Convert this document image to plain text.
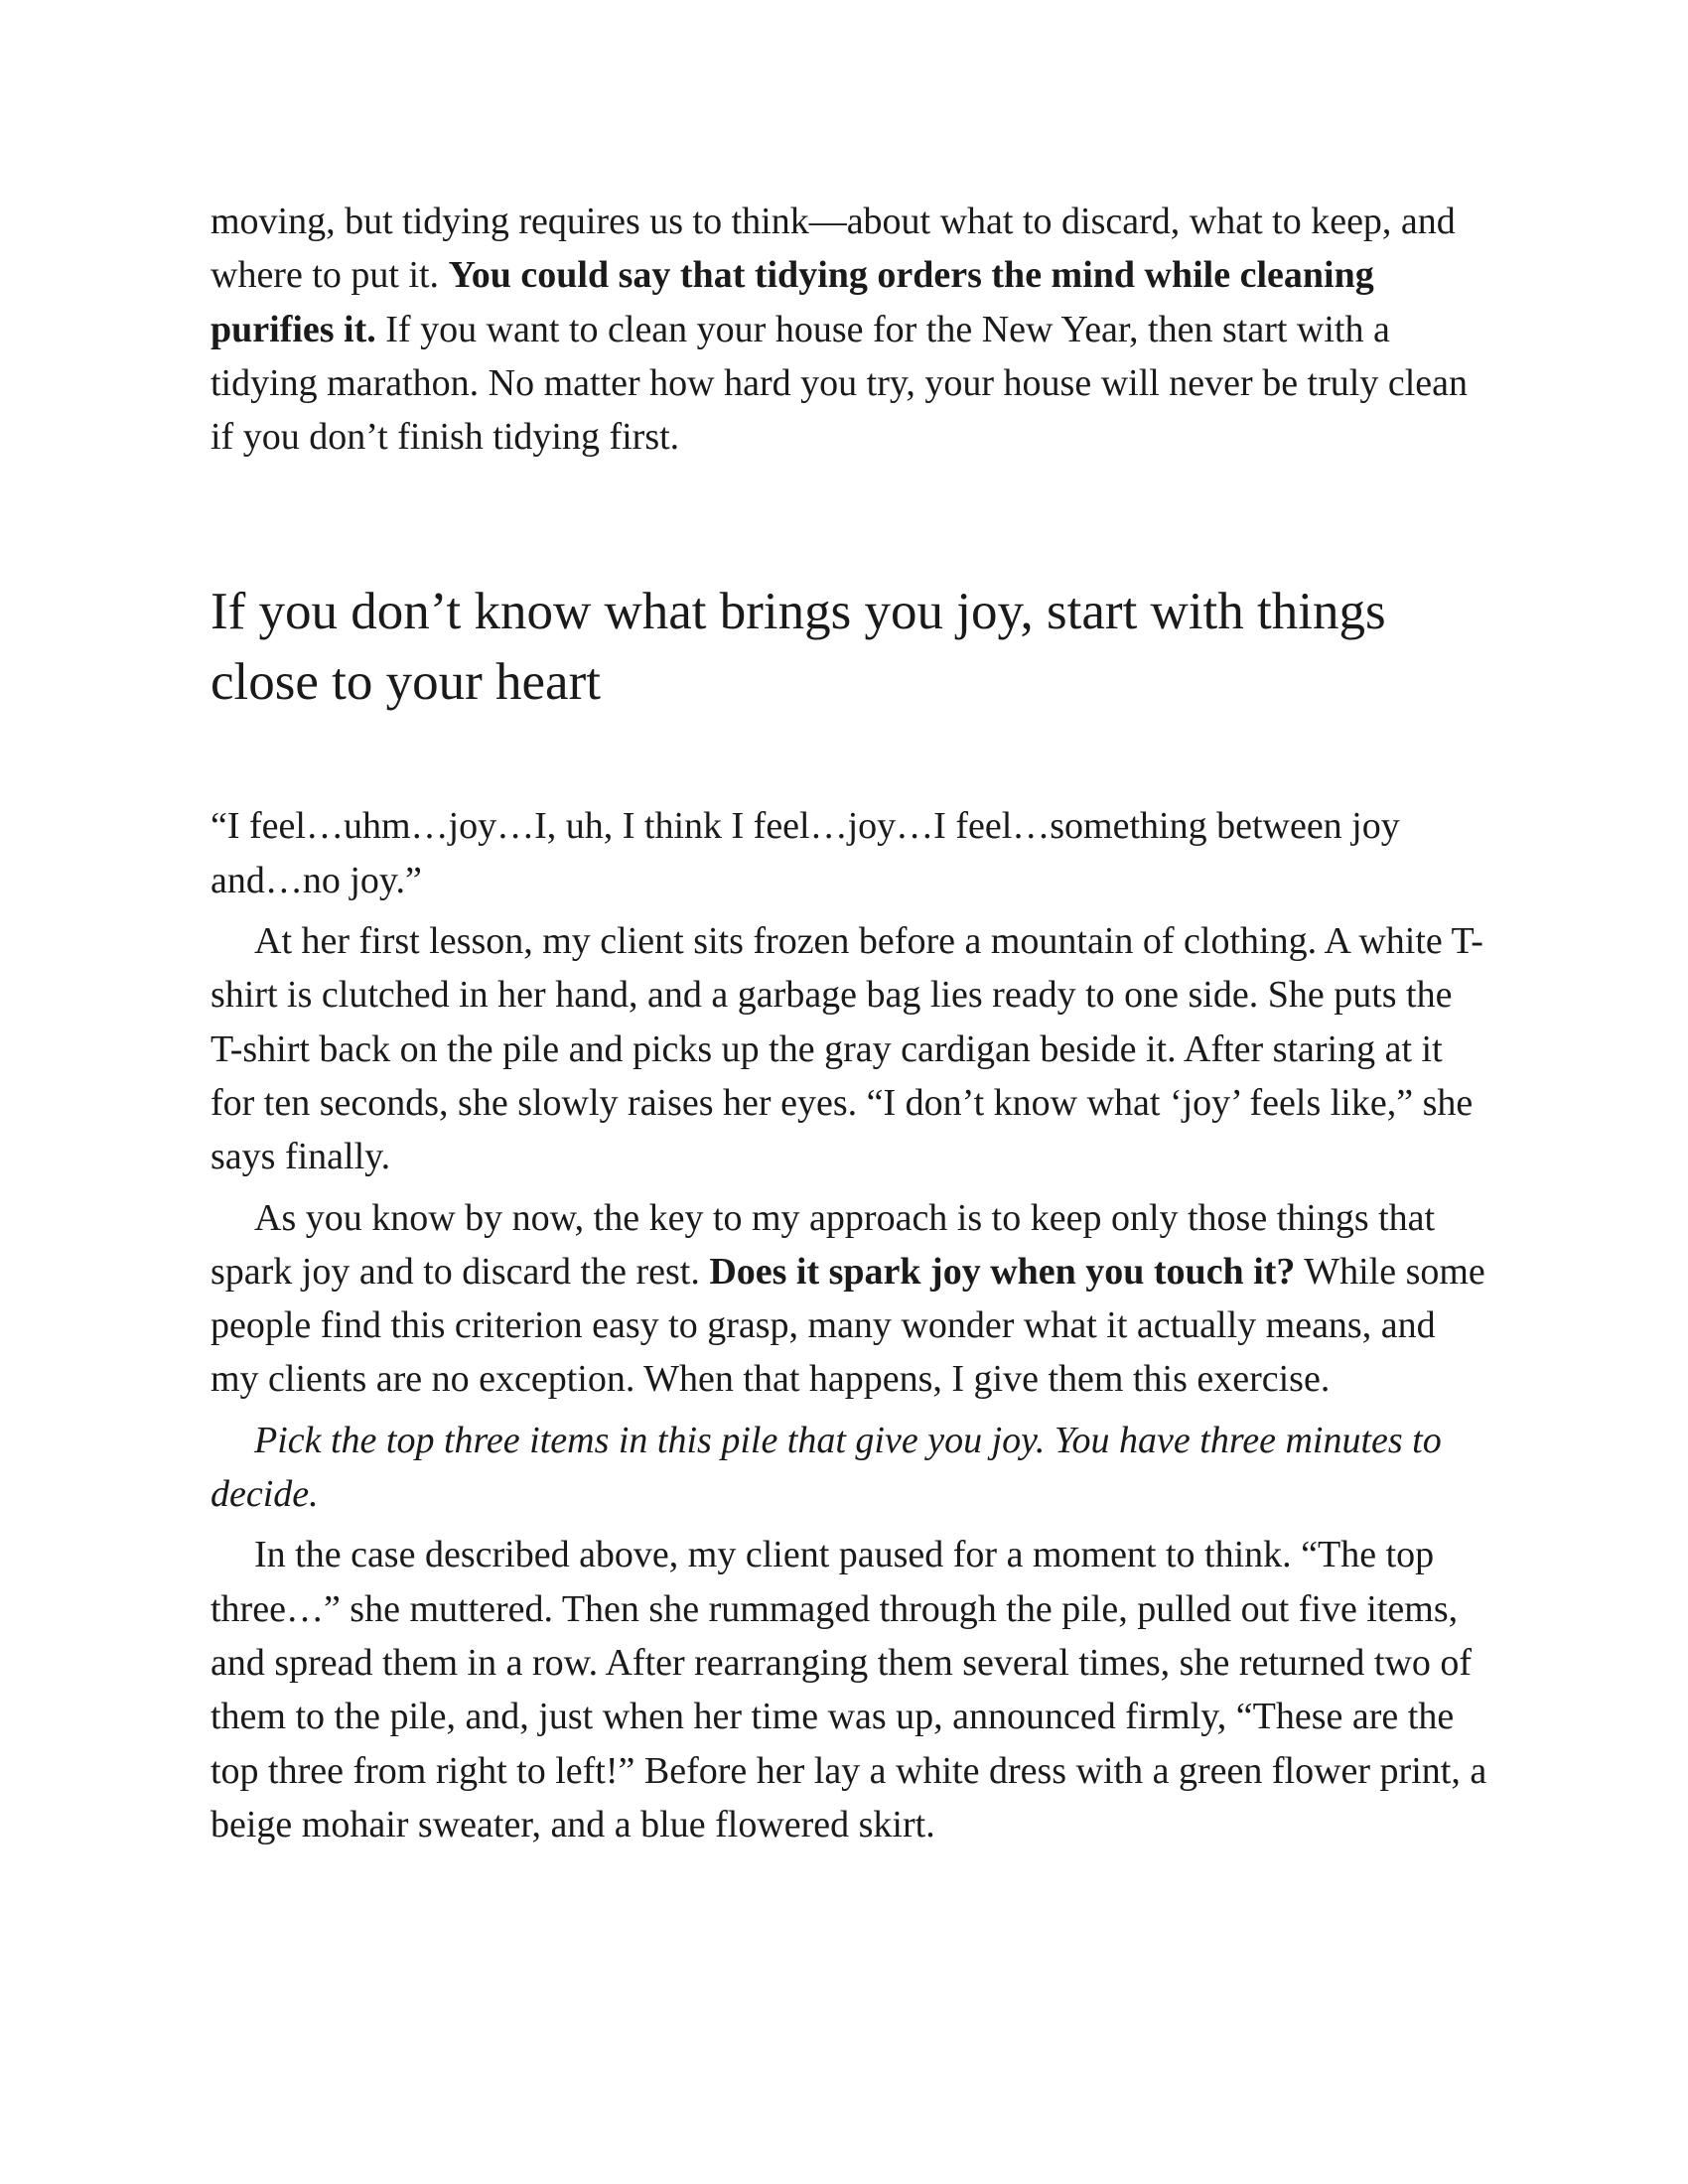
moving, but tidying requires us to think—about what to discard, what to keep, and where to put it. You could say that tidying orders the mind while cleaning purifies it. If you want to clean your house for the New Year, then start with a tidying marathon. No matter how hard you try, your house will never be truly clean if you don’t finish tidying first.

If you don’t know what brings you joy, start with things close to your heart

“I feel…uhm…joy…I, uh, I think I feel…joy…I feel…something between joy and…no joy.”

At her first lesson, my client sits frozen before a mountain of clothing. A white T-shirt is clutched in her hand, and a garbage bag lies ready to one side. She puts the T-shirt back on the pile and picks up the gray cardigan beside it. After staring at it for ten seconds, she slowly raises her eyes. “I don’t know what ‘joy’ feels like,” she says finally.

As you know by now, the key to my approach is to keep only those things that spark joy and to discard the rest. Does it spark joy when you touch it? While some people find this criterion easy to grasp, many wonder what it actually means, and my clients are no exception. When that happens, I give them this exercise.

Pick the top three items in this pile that give you joy. You have three minutes to decide.

In the case described above, my client paused for a moment to think. “The top three…” she muttered. Then she rummaged through the pile, pulled out five items, and spread them in a row. After rearranging them several times, she returned two of them to the pile, and, just when her time was up, announced firmly, “These are the top three from right to left!” Before her lay a white dress with a green flower print, a beige mohair sweater, and a blue flowered skirt.
